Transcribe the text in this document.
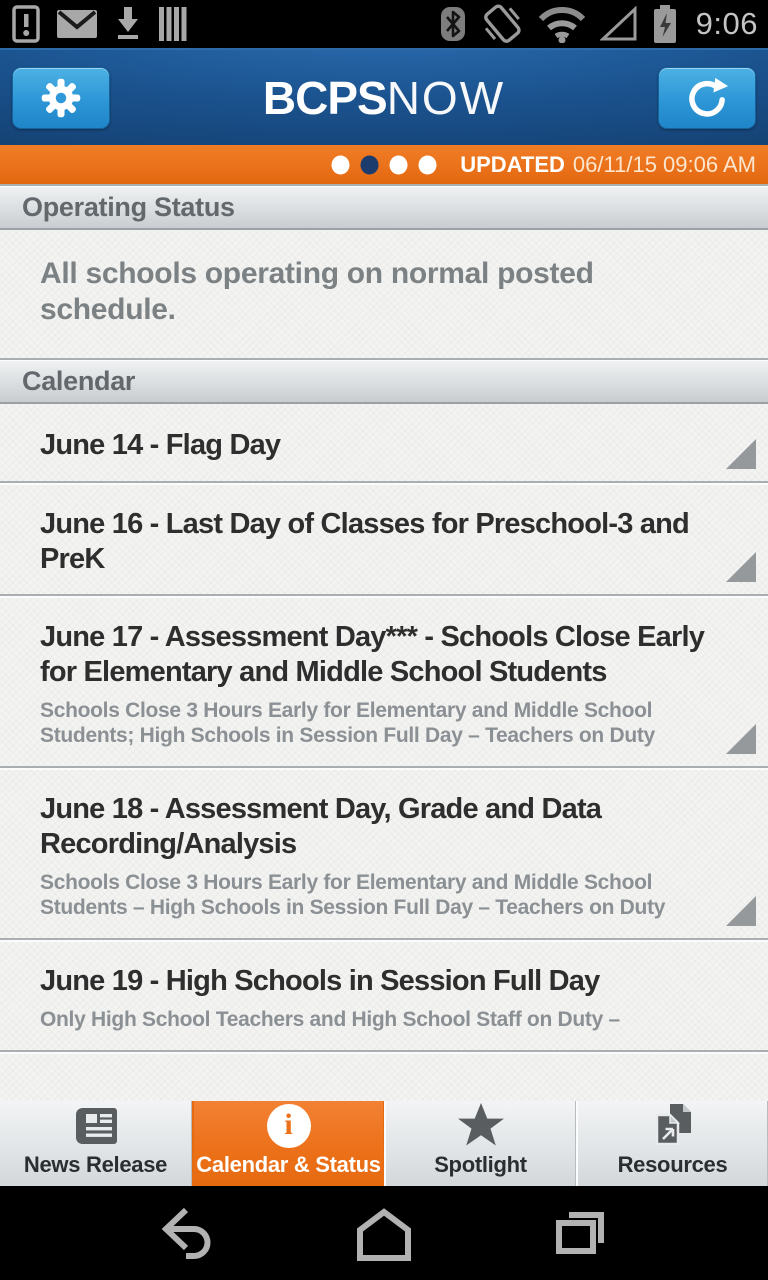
9:06
BCPS NOW
UPDATED 06/11/15 09:06 AM
Operating Status

All schools operating on normal posted schedule.

Calendar
June 14 - Flag Day
June 16 - Last Day of Classes for Preschool-3 and PreK
June 17 - Assessment Day*** - Schools Close Early for Elementary and Middle School Students
Schools Close 3 Hours Early for Elementary and Middle School Students; High Schools in Session Full Day – Teachers on Duty
June 18 - Assessment Day, Grade and Data Recording/Analysis
Schools Close 3 Hours Early for Elementary and Middle School Students – High Schools in Session Full Day – Teachers on Duty
June 19 - High Schools in Session Full Day
Only High School Teachers and High School Staff on Duty –
News Release
i
Calendar & Status Spotlight	Resources
